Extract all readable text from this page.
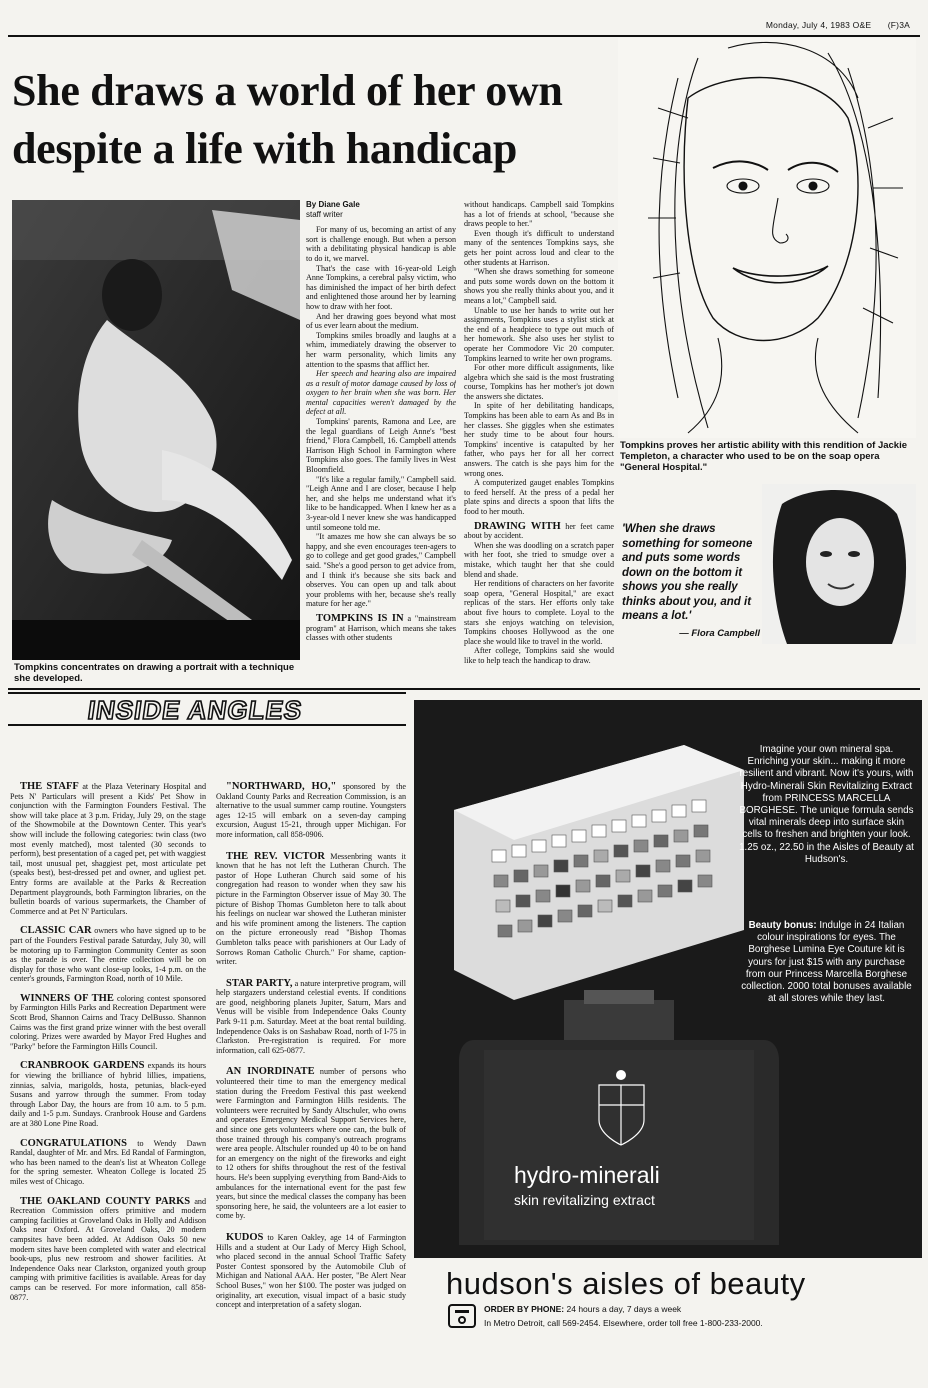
Monday, July 4, 1983 O&E (F)3A
She draws a world of her own
despite a life with handicap
Tompkins concentrates on drawing a portrait with a technique she developed.
By Diane Gale
staff writer

For many of us, becoming an artist of any sort is challenge enough. But when a person with a debilitating physical handicap is able to do it, we marvel.

That's the case with 16-year-old Leigh Anne Tompkins, a cerebral palsy victim, who has diminished the impact of her birth defect and enlightened those around her by learning how to draw with her foot.

And her drawing goes beyond what most of us ever learn about the medium.

Tompkins smiles broadly and laughs at a whim, immediately drawing the observer to her warm personality, which limits any attention to the spasms that afflict her.

Her speech and hearing also are impaired as a result of motor damage caused by loss of oxygen to her brain when she was born. Her mental capacities weren't damaged by the defect at all.

Tompkins' parents, Ramona and Lee, are the legal guardians of Leigh Anne's "best friend," Flora Campbell, 16. Campbell attends Harrison High School in Farmington where Tompkins also goes. The family lives in West Bloomfield.

"It's like a regular family," Campbell said. "Leigh Anne and I are closer, because I help her, and she helps me understand what it's like to be handicapped. When I knew her as a 3-year-old I never knew she was handicapped until someone told me.

"It amazes me how she can always be so happy, and she even encourages teen-agers to go to college and get good grades," Campbell said. "She's a good person to get advice from, and I think it's because she sits back and observes. You can open up and talk about your problems with her, because she's really mature for her age."

TOMPKINS IS IN a "mainstream program" at Harrison, which means she takes classes with other students

without handicaps. Campbell said Tompkins has a lot of friends at school, "because she draws people to her."

Even though it's difficult to understand many of the sentences Tompkins says, she gets her point across loud and clear to the other students at Harrison.

"When she draws something for someone and puts some words down on the bottom it shows you she really thinks about you, and it means a lot," Campbell said.

Unable to use her hands to write out her assignments, Tompkins uses a stylist stick at the end of a headpiece to type out much of her homework. She also uses her stylist to operate her Commodore Vic 20 computer. Tompkins learned to write her own programs.

For other more difficult assignments, like algebra which she said is the most frustrating course, Tompkins has her mother's jot down the answers she dictates.

In spite of her debilitating handicaps, Tompkins has been able to earn As and Bs in her classes. She giggles when she estimates her study time to be about four hours. Tompkins' incentive is catapulted by her father, who pays her for all her correct answers. The catch is she pays him for the wrong ones.

A computerized gauget enables Tompkins to feed herself. At the press of a pedal her plate spins and directs a spoon that lifts the food to her mouth.

DRAWING WITH her feet came about by accident.

When she was doodling on a scratch paper with her foot, she tried to smudge over a mistake, which taught her that she could blend and shade.

Her renditions of characters on her favorite soap opera, "General Hospital," are exact replicas of the stars. Her efforts only take about five hours to complete. Loyal to the stars she enjoys watching on television, Tompkins chooses Hollywood as the one place she would like to travel in the world.

After college, Tompkins said she would like to help teach the handicap to draw.

Tompkins proves her artistic ability with this rendition of Jackie Templeton, a character who used to be on the soap opera "General Hospital."
'When she draws something for someone and puts some words down on the bottom it shows you she really thinks about you, and it means a lot.'
— Flora Campbell
INSIDE ANGLES

THE STAFF at the Plaza Veterinary Hospital and Pets N' Particulars will present a Kids' Pet Show in conjunction with the Farmington Founders Festival. The show will take place at 3 p.m. Friday, July 29, on the stage of the Showmobile at the Downtown Center. This year's show will include the following categories: twin class (two most evenly matched), most talented (30 seconds to perform), best presentation of a caged pet, pet with waggiest tail, most unusual pet, shaggiest pet, most articulate pet (speaks best), best-dressed pet and owner, and ugliest pet. Entry forms are available at the Parks & Recreation Department playgrounds, both Farmington libraries, on the bulletin boards of various supermarkets, the Chamber of Commerce and at Pet N' Particulars.

CLASSIC CAR owners who have signed up to be part of the Founders Festival parade Saturday, July 30, will be motoring up to Farmington Community Center as soon as the parade is over. The entire collection will be on display for those who want close-up looks, 1-4 p.m. on the center's grounds, Farmington Road, north of 10 Mile.

WINNERS OF THE coloring contest sponsored by Farmington Hills Parks and Recreation Department were Scott Brod, Shannon Cairns and Tracy DelBusso. Shannon Cairns was the first grand prize winner with the best overall coloring. Prizes were awarded by Mayor Fred Hughes and "Parky" before the Farmington Hills Council.

CRANBROOK GARDENS expands its hours for viewing the brilliance of hybrid lillies, impatiens, zinnias, salvia, marigolds, hosta, petunias, black-eyed Susans and yarrow through the summer. From today through Labor Day, the hours are from 10 a.m. to 5 p.m. daily and 1-5 p.m. Sundays. Cranbrook House and Gardens are at 380 Lone Pine Road.

CONGRATULATIONS to Wendy Dawn Randal, daughter of Mr. and Mrs. Ed Randal of Farmington, who has been named to the dean's list at Wheaton College for the spring semester. Wheaton College is located 25 miles west of Chicago.

THE OAKLAND COUNTY PARKS and Recreation Commission offers primitive and modern camping facilities at Groveland Oaks in Holly and Addison Oaks near Oxford. At Groveland Oaks, 20 modern campsites have been added. At Addison Oaks 50 new modern sites have been completed with water and electrical book-ups, plus new restroom and shower facilities. At Independence Oaks near Clarkston, organized youth group camping with primitive facilities is available. Areas for day camps can be reserved. For more information, call 858-0877.

"NORTHWARD, HO," sponsored by the Oakland County Parks and Recreation Commission, is an alternative to the usual summer camp routine. Youngsters ages 12-15 will embark on a seven-day camping excursion, August 15-21, through upper Michigan. For more information, call 858-0906.

THE REV. VICTOR Messenbring wants it known that he has not left the Lutheran Church. The pastor of Hope Lutheran Church said some of his congregation had reason to wonder when they saw his picture in the Farmington Observer issue of May 30. The picture of Bishop Thomas Gumbleton here to talk about his feelings on nuclear war showed the Lutheran minister and his wife prominent among the listeners. The caption on the picture erroneously read "Bishop Thomas Gumbleton talks peace with parishioners at Our Lady of Sorrows Roman Catholic Church." For shame, caption-writer.

STAR PARTY, a nature interpretive program, will help stargazers understand celestial events. If conditions are good, neighboring planets Jupiter, Saturn, Mars and Venus will be visible from Independence Oaks County Park 9-11 p.m. Saturday. Meet at the boat rental building. Independence Oaks is on Sashabaw Road, north of I-75 in Clarkston. Pre-registration is required. For more information, call 625-0877.

AN INORDINATE number of persons who volunteered their time to man the emergency medical station during the Freedom Festival this past weekend were Farmington and Farmington Hills residents. The volunteers were recruited by Sandy Altschuler, who owns and operates Emergency Medical Support Services here, and since one gets volunteers where one can, the bulk of those trained through his company's outreach programs were area people. Altschuler rounded up 40 to be on hand for an emergency on the night of the fireworks and eight to 12 others for shifts throughout the rest of the festival hours. He's been supplying everything from Band-Aids to ambulances for the international event for the past few years, but since the medical classes the company has been sponsoring here, he said, the volunteers are a lot easier to come by.

KUDOS to Karen Oakley, age 14 of Farmington Hills and a student at Our Lady of Mercy High School, who placed second in the annual School Traffic Safety Poster Contest sponsored by the Automobile Club of Michigan and National AAA. Her poster, "Be Alert Near School Buses," won her $100. The poster was judged on originality, art execution, visual impact of a basic study concept and interpretation of a safety slogan.

Imagine your own mineral spa. Enriching your skin... making it more resilient and vibrant. Now it's yours, with Hydro-Minerali Skin Revitalizing Extract from PRINCESS MARCELLA BORGHESE. The unique formula sends vital minerals deep into surface skin cells to freshen and brighten your look. 1.25 oz., 22.50 in the Aisles of Beauty at Hudson's.
Beauty bonus: Indulge in 24 Italian colour inspirations for eyes. The Borghese Lumina Eye Couture kit is yours for just $15 with any purchase from our Princess Marcella Borghese collection. 2000 total bonuses available at all stores while they last.
hydro-minerali
skin revitalizing extract
hudson's aisles of beauty
ORDER BY PHONE: 24 hours a day, 7 days a week
In Metro Detroit, call 569-2454. Elsewhere, order toll free 1-800-233-2000.
